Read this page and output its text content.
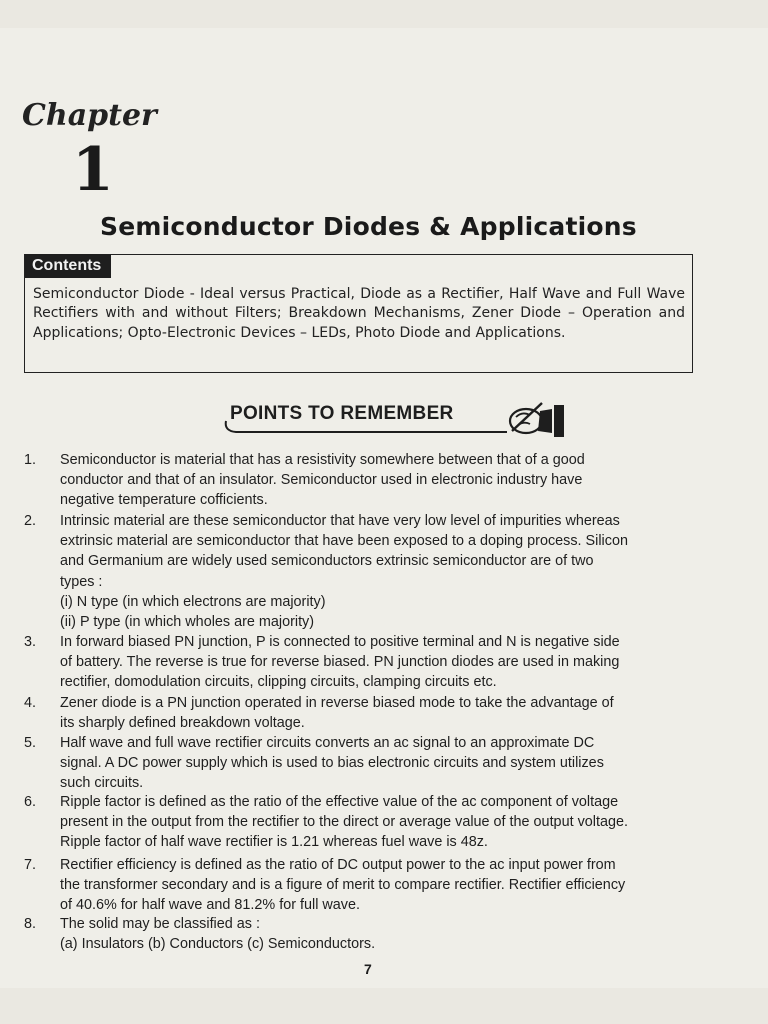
Chapter
1
Semiconductor Diodes & Applications
Contents
Semiconductor Diode - Ideal versus Practical, Diode as a Rectifier, Half Wave and Full Wave Rectifiers with and without Filters; Breakdown Mechanisms, Zener Diode – Operation and Applications; Opto-Electronic Devices – LEDs, Photo Diode and Applications.
POINTS TO REMEMBER
1. Semiconductor is material that has a resistivity somewhere between that of a good
conductor and that of an insulator. Semiconductor used in electronic industry have
negative temperature cofficients.
2. Intrinsic material are these semiconductor that have very low level of impurities whereas
extrinsic material are semiconductor that have been exposed to a doping process. Silicon
and Germanium are widely used semiconductors extrinsic semiconductor are of two
types :
(i) N type (in which electrons are majority)
(ii) P type (in which wholes are majority)
3. In forward biased PN junction, P is connected to positive terminal and N is negative side
of battery. The reverse is true for reverse biased. PN junction diodes are used in making
rectifier, domodulation circuits, clipping circuits, clamping circuits etc.
4. Zener diode is a PN junction operated in reverse biased mode to take the advantage of
its sharply defined breakdown voltage.
5. Half wave and full wave rectifier circuits converts an ac signal to an approximate DC
signal. A DC power supply which is used to bias electronic circuits and system utilizes
such circuits.
6. Ripple factor is defined as the ratio of the effective value of the ac component of voltage
present in the output from the rectifier to the direct or average value of the output voltage.
Ripple factor of half wave rectifier is 1.21 whereas fuel wave is 48z.
7. Rectifier efficiency is defined as the ratio of DC output power to the ac input power from
the transformer secondary and is a figure of merit to compare rectifier. Rectifier efficiency
of 40.6% for half wave and 81.2% for full wave.
8. The solid may be classified as :
(a) Insulators (b) Conductors (c) Semiconductors.
7
